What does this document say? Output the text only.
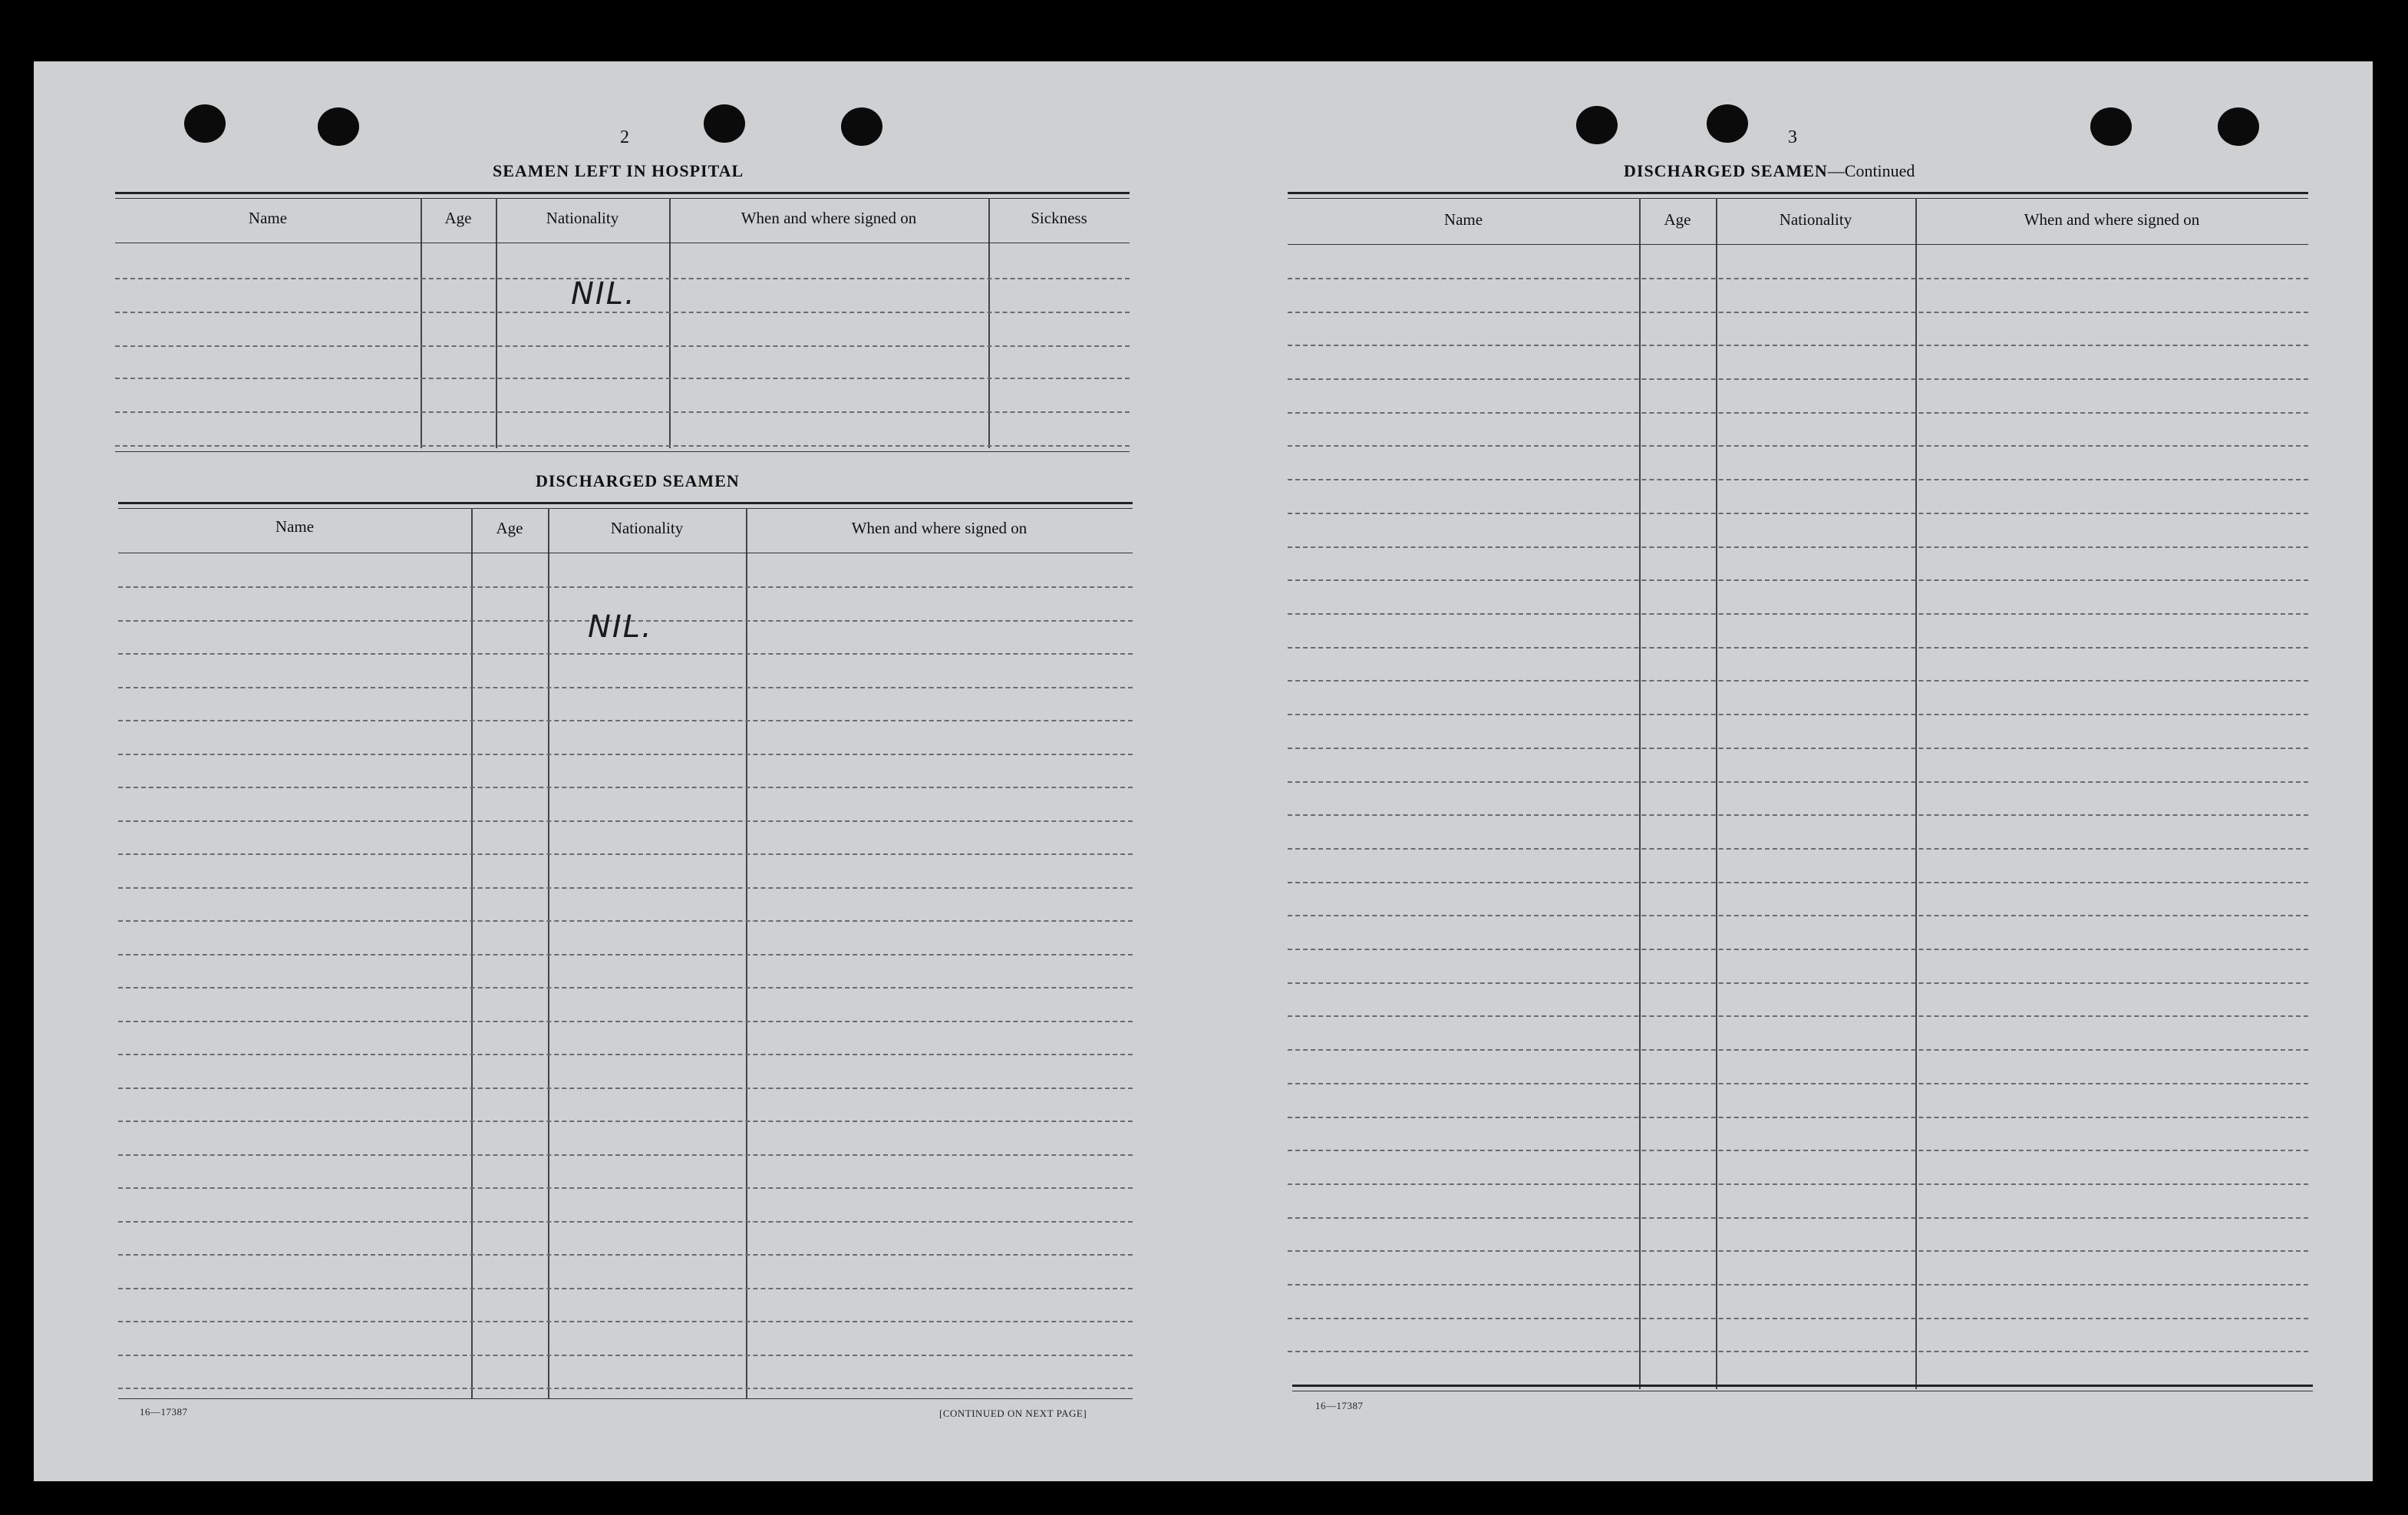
2
SEAMEN LEFT IN HOSPITAL
Name	Age	Nationality	When and where signed on	Sickness
NIL.
DISCHARGED SEAMEN
Name	Age	Nationality	When and where signed on
NIL.
16—17387	[CONTINUED ON NEXT PAGE]
3
DISCHARGED SEAMEN—Continued
Name	Age	Nationality	When and where signed on
16—17387
